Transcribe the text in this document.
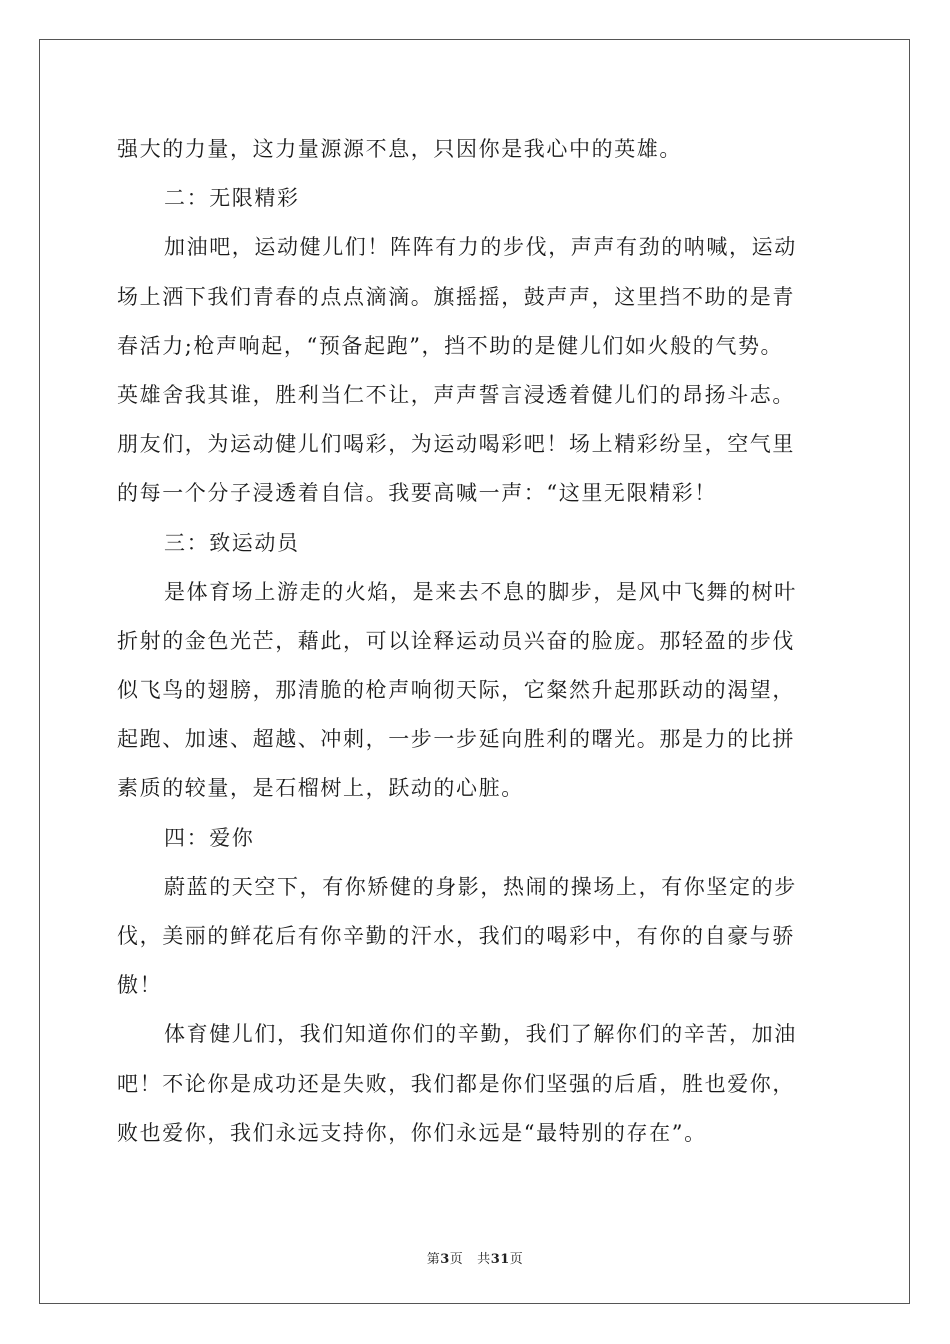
强大的力量，这力量源源不息，只因你是我心中的英雄。
二：无限精彩
加油吧，运动健儿们！阵阵有力的步伐，声声有劲的呐喊，运动
场上洒下我们青春的点点滴滴。旗摇摇，鼓声声，这里挡不助的是青
春活力;枪声响起，“预备起跑”，挡不助的是健儿们如火般的气势。
英雄舍我其谁，胜利当仁不让，声声誓言浸透着健儿们的昂扬斗志。
朋友们，为运动健儿们喝彩，为运动喝彩吧！场上精彩纷呈，空气里
的每一个分子浸透着自信。我要高喊一声：“这里无限精彩！
三：致运动员
是体育场上游走的火焰，是来去不息的脚步，是风中飞舞的树叶
折射的金色光芒，藉此，可以诠释运动员兴奋的脸庞。那轻盈的步伐
似飞鸟的翅膀，那清脆的枪声响彻天际，它粲然升起那跃动的渴望，
起跑、加速、超越、冲刺，一步一步延向胜利的曙光。那是力的比拼
素质的较量，是石榴树上，跃动的心脏。
四：爱你
蔚蓝的天空下，有你矫健的身影，热闹的操场上，有你坚定的步
伐，美丽的鲜花后有你辛勤的汗水，我们的喝彩中，有你的自豪与骄
傲！
体育健儿们，我们知道你们的辛勤，我们了解你们的辛苦，加油
吧！不论你是成功还是失败，我们都是你们坚强的后盾，胜也爱你，
败也爱你，我们永远支持你，你们永远是“最特别的存在”。
第3页 共31页
